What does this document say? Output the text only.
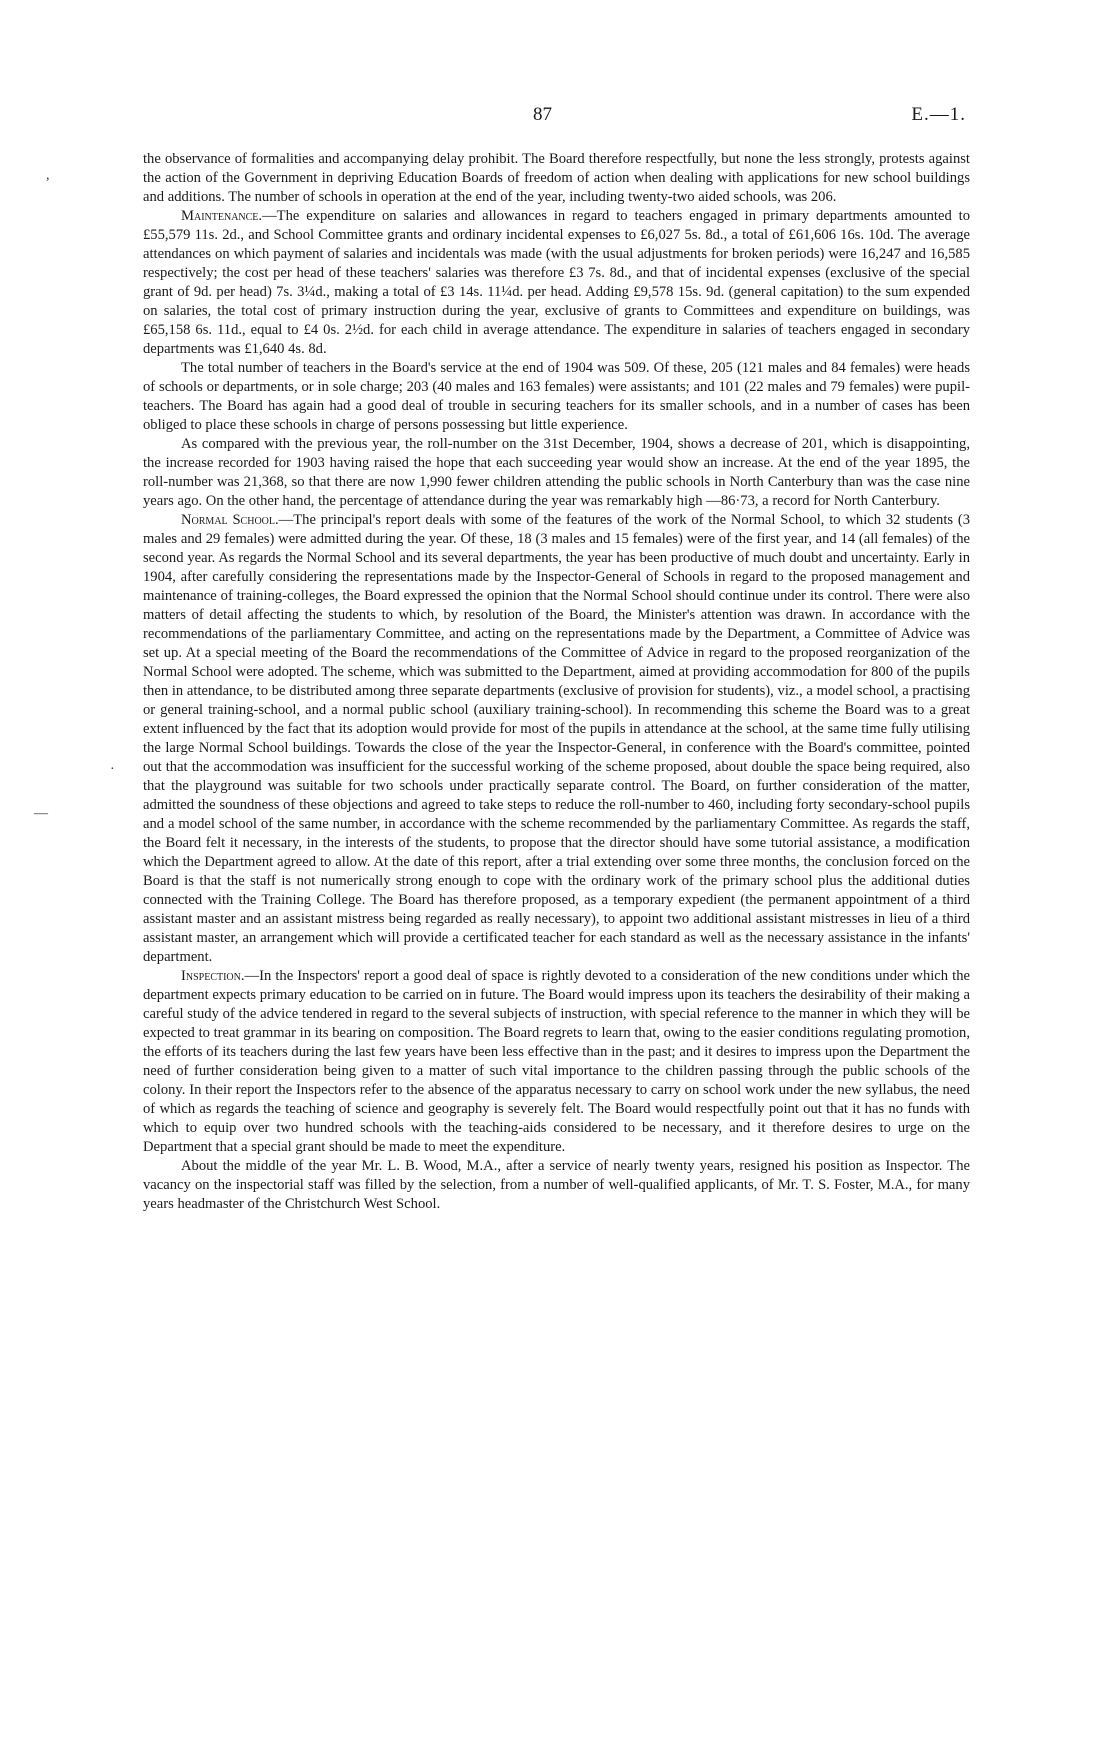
87	E.—1.
,
·
—

the observance of formalities and accompanying delay prohibit. The Board therefore respectfully, but none the less strongly, protests against the action of the Government in depriving Education Boards of freedom of action when dealing with applications for new school buildings and additions. The number of schools in operation at the end of the year, including twenty-two aided schools, was 206.

Maintenance.—The expenditure on salaries and allowances in regard to teachers engaged in primary departments amounted to £55,579 11s. 2d., and School Committee grants and ordinary incidental expenses to £6,027 5s. 8d., a total of £61,606 16s. 10d. The average attendances on which payment of salaries and incidentals was made (with the usual adjustments for broken periods) were 16,247 and 16,585 respectively; the cost per head of these teachers' salaries was therefore £3 7s. 8d., and that of incidental expenses (exclusive of the special grant of 9d. per head) 7s. 3¼d., making a total of £3 14s. 11¼d. per head. Adding £9,578 15s. 9d. (general capitation) to the sum expended on salaries, the total cost of primary instruction during the year, exclusive of grants to Committees and expenditure on buildings, was £65,158 6s. 11d., equal to £4 0s. 2½d. for each child in average attendance. The expenditure in salaries of teachers engaged in secondary departments was £1,640 4s. 8d.

The total number of teachers in the Board's service at the end of 1904 was 509. Of these, 205 (121 males and 84 females) were heads of schools or departments, or in sole charge; 203 (40 males and 163 females) were assistants; and 101 (22 males and 79 females) were pupil-teachers. The Board has again had a good deal of trouble in securing teachers for its smaller schools, and in a number of cases has been obliged to place these schools in charge of persons possessing but little experience.

As compared with the previous year, the roll-number on the 31st December, 1904, shows a decrease of 201, which is disappointing, the increase recorded for 1903 having raised the hope that each succeeding year would show an increase. At the end of the year 1895, the roll-number was 21,368, so that there are now 1,990 fewer children attending the public schools in North Canterbury than was the case nine years ago. On the other hand, the percentage of attendance during the year was remarkably high —86·73, a record for North Canterbury.

Normal School.—The principal's report deals with some of the features of the work of the Normal School, to which 32 students (3 males and 29 females) were admitted during the year. Of these, 18 (3 males and 15 females) were of the first year, and 14 (all females) of the second year. As regards the Normal School and its several departments, the year has been productive of much doubt and uncertainty. Early in 1904, after carefully considering the representations made by the Inspector-General of Schools in regard to the proposed management and maintenance of training-colleges, the Board expressed the opinion that the Normal School should continue under its control. There were also matters of detail affecting the students to which, by resolution of the Board, the Minister's attention was drawn. In accordance with the recommendations of the parliamentary Committee, and acting on the representations made by the Department, a Committee of Advice was set up. At a special meeting of the Board the recommendations of the Committee of Advice in regard to the proposed reorganization of the Normal School were adopted. The scheme, which was submitted to the Department, aimed at providing accommodation for 800 of the pupils then in attendance, to be distributed among three separate departments (exclusive of provision for students), viz., a model school, a practising or general training-school, and a normal public school (auxiliary training-school). In recommending this scheme the Board was to a great extent influenced by the fact that its adoption would provide for most of the pupils in attendance at the school, at the same time fully utilising the large Normal School buildings. Towards the close of the year the Inspector-General, in conference with the Board's committee, pointed out that the accommodation was insufficient for the successful working of the scheme proposed, about double the space being required, also that the playground was suitable for two schools under practically separate control. The Board, on further consideration of the matter, admitted the soundness of these objections and agreed to take steps to reduce the roll-number to 460, including forty secondary-school pupils and a model school of the same number, in accordance with the scheme recommended by the parliamentary Committee. As regards the staff, the Board felt it necessary, in the interests of the students, to propose that the director should have some tutorial assistance, a modification which the Department agreed to allow. At the date of this report, after a trial extending over some three months, the conclusion forced on the Board is that the staff is not numerically strong enough to cope with the ordinary work of the primary school plus the additional duties connected with the Training College. The Board has therefore proposed, as a temporary expedient (the permanent appointment of a third assistant master and an assistant mistress being regarded as really necessary), to appoint two additional assistant mistresses in lieu of a third assistant master, an arrangement which will provide a certificated teacher for each standard as well as the necessary assistance in the infants' department.

Inspection.—In the Inspectors' report a good deal of space is rightly devoted to a consideration of the new conditions under which the department expects primary education to be carried on in future. The Board would impress upon its teachers the desirability of their making a careful study of the advice tendered in regard to the several subjects of instruction, with special reference to the manner in which they will be expected to treat grammar in its bearing on composition. The Board regrets to learn that, owing to the easier conditions regulating promotion, the efforts of its teachers during the last few years have been less effective than in the past; and it desires to impress upon the Department the need of further consideration being given to a matter of such vital importance to the children passing through the public schools of the colony. In their report the Inspectors refer to the absence of the apparatus necessary to carry on school work under the new syllabus, the need of which as regards the teaching of science and geography is severely felt. The Board would respectfully point out that it has no funds with which to equip over two hundred schools with the teaching-aids considered to be necessary, and it therefore desires to urge on the Department that a special grant should be made to meet the expenditure.

About the middle of the year Mr. L. B. Wood, M.A., after a service of nearly twenty years, resigned his position as Inspector. The vacancy on the inspectorial staff was filled by the selection, from a number of well-qualified applicants, of Mr. T. S. Foster, M.A., for many years headmaster of the Christchurch West School.
